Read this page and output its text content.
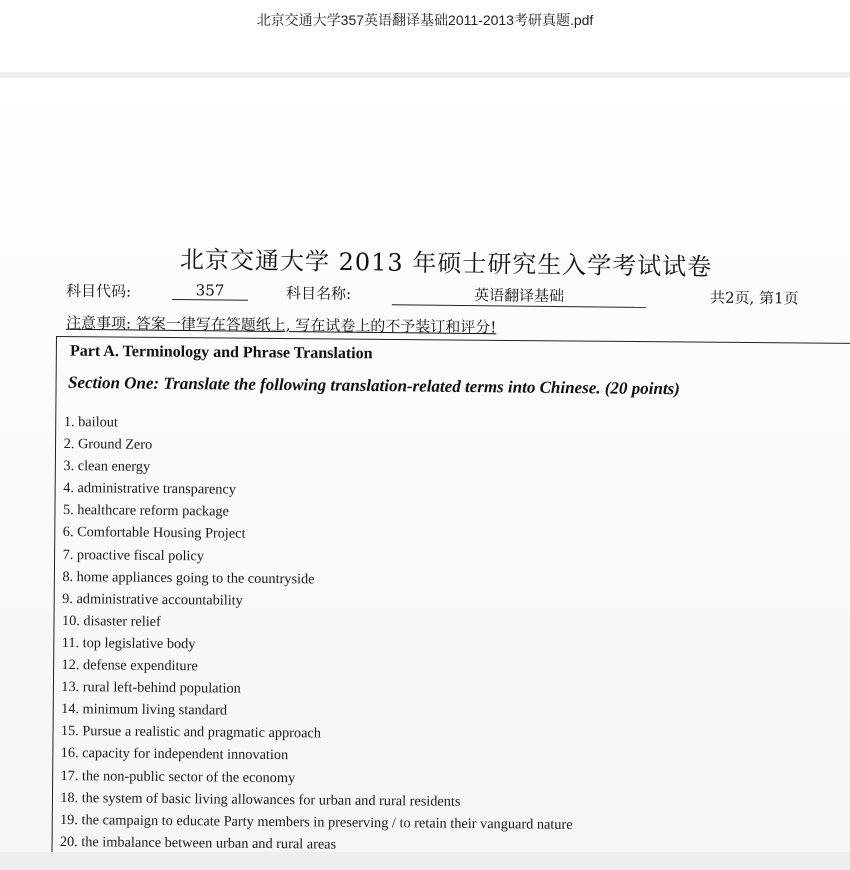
北京交通大学357英语翻译基础2011-2013考研真题.pdf
北京交通大学 2013 年硕士研究生入学考试试卷
科目代码:	357	科目名称:	英语翻译基础	共2页, 第1页
注意事项: 答案一律写在答题纸上, 写在试卷上的不予装订和评分!
Part A. Terminology and Phrase Translation
Section One: Translate the following translation-related terms into Chinese. (20 points)
1. bailout
2. Ground Zero
3. clean energy
4. administrative transparency
5. healthcare reform package
6. Comfortable Housing Project
7. proactive fiscal policy
8. home appliances going to the countryside
9. administrative accountability
10. disaster relief
11. top legislative body
12. defense expenditure
13. rural left-behind population
14. minimum living standard
15. Pursue a realistic and pragmatic approach
16. capacity for independent innovation
17. the non-public sector of the economy
18. the system of basic living allowances for urban and rural residents
19. the campaign to educate Party members in preserving / to retain their vanguard nature
20. the imbalance between urban and rural areas
